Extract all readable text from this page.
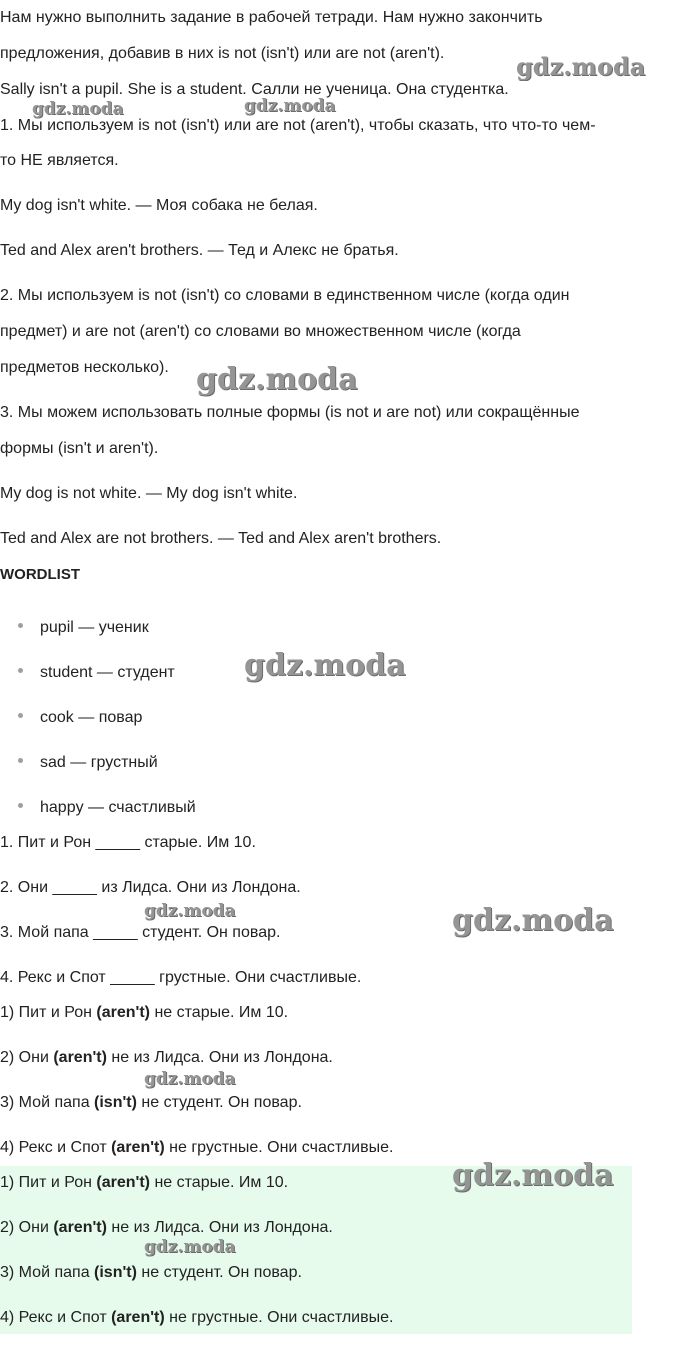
Нам нужно выполнить задание в рабочей тетради. Нам нужно закончить
предложения, добавив в них is not (isn't) или are not (aren't).
Sally isn't a pupil. She is a student. Салли не ученица. Она студентка.
1. Мы используем is not (isn't) или are not (aren't), чтобы сказать, что что-то чем-
то НЕ является.
My dog isn't white. — Моя собака не белая.
Ted and Alex aren't brothers. — Тед и Алекс не братья.
2. Мы используем is not (isn't) со словами в единственном числе (когда один
предмет) и are not (aren't) со словами во множественном числе (когда
предметов несколько).
3. Мы можем использовать полные формы (is not и are not) или сокращённые
формы (isn't и aren't).
My dog is not white. — My dog isn't white.
Ted and Alex are not brothers. — Ted and Alex aren't brothers.
WORDLIST
pupil — ученик
student — студент
cook — повар
sad — грустный
happy — счастливый
1. Пит и Рон _____ старые. Им 10.
2. Они _____ из Лидса. Они из Лондона.
3. Мой папа _____ студент. Он повар.
4. Рекс и Спот _____ грустные. Они счастливые.
1) Пит и Рон (aren't) не старые. Им 10.
2) Они (aren't) не из Лидса. Они из Лондона.
3) Мой папа (isn't) не студент. Он повар.
4) Рекс и Спот (aren't) не грустные. Они счастливые.
1) Пит и Рон (aren't) не старые. Им 10.
2) Они (aren't) не из Лидса. Они из Лондона.
3) Мой папа (isn't) не студент. Он повар.
4) Рекс и Спот (aren't) не грустные. Они счастливые.
gdz.moda
gdz.moda	gdz.moda
gdz.moda
gdz.moda
gdz.moda	gdz.moda
gdz.moda
gdz.moda
gdz.moda
